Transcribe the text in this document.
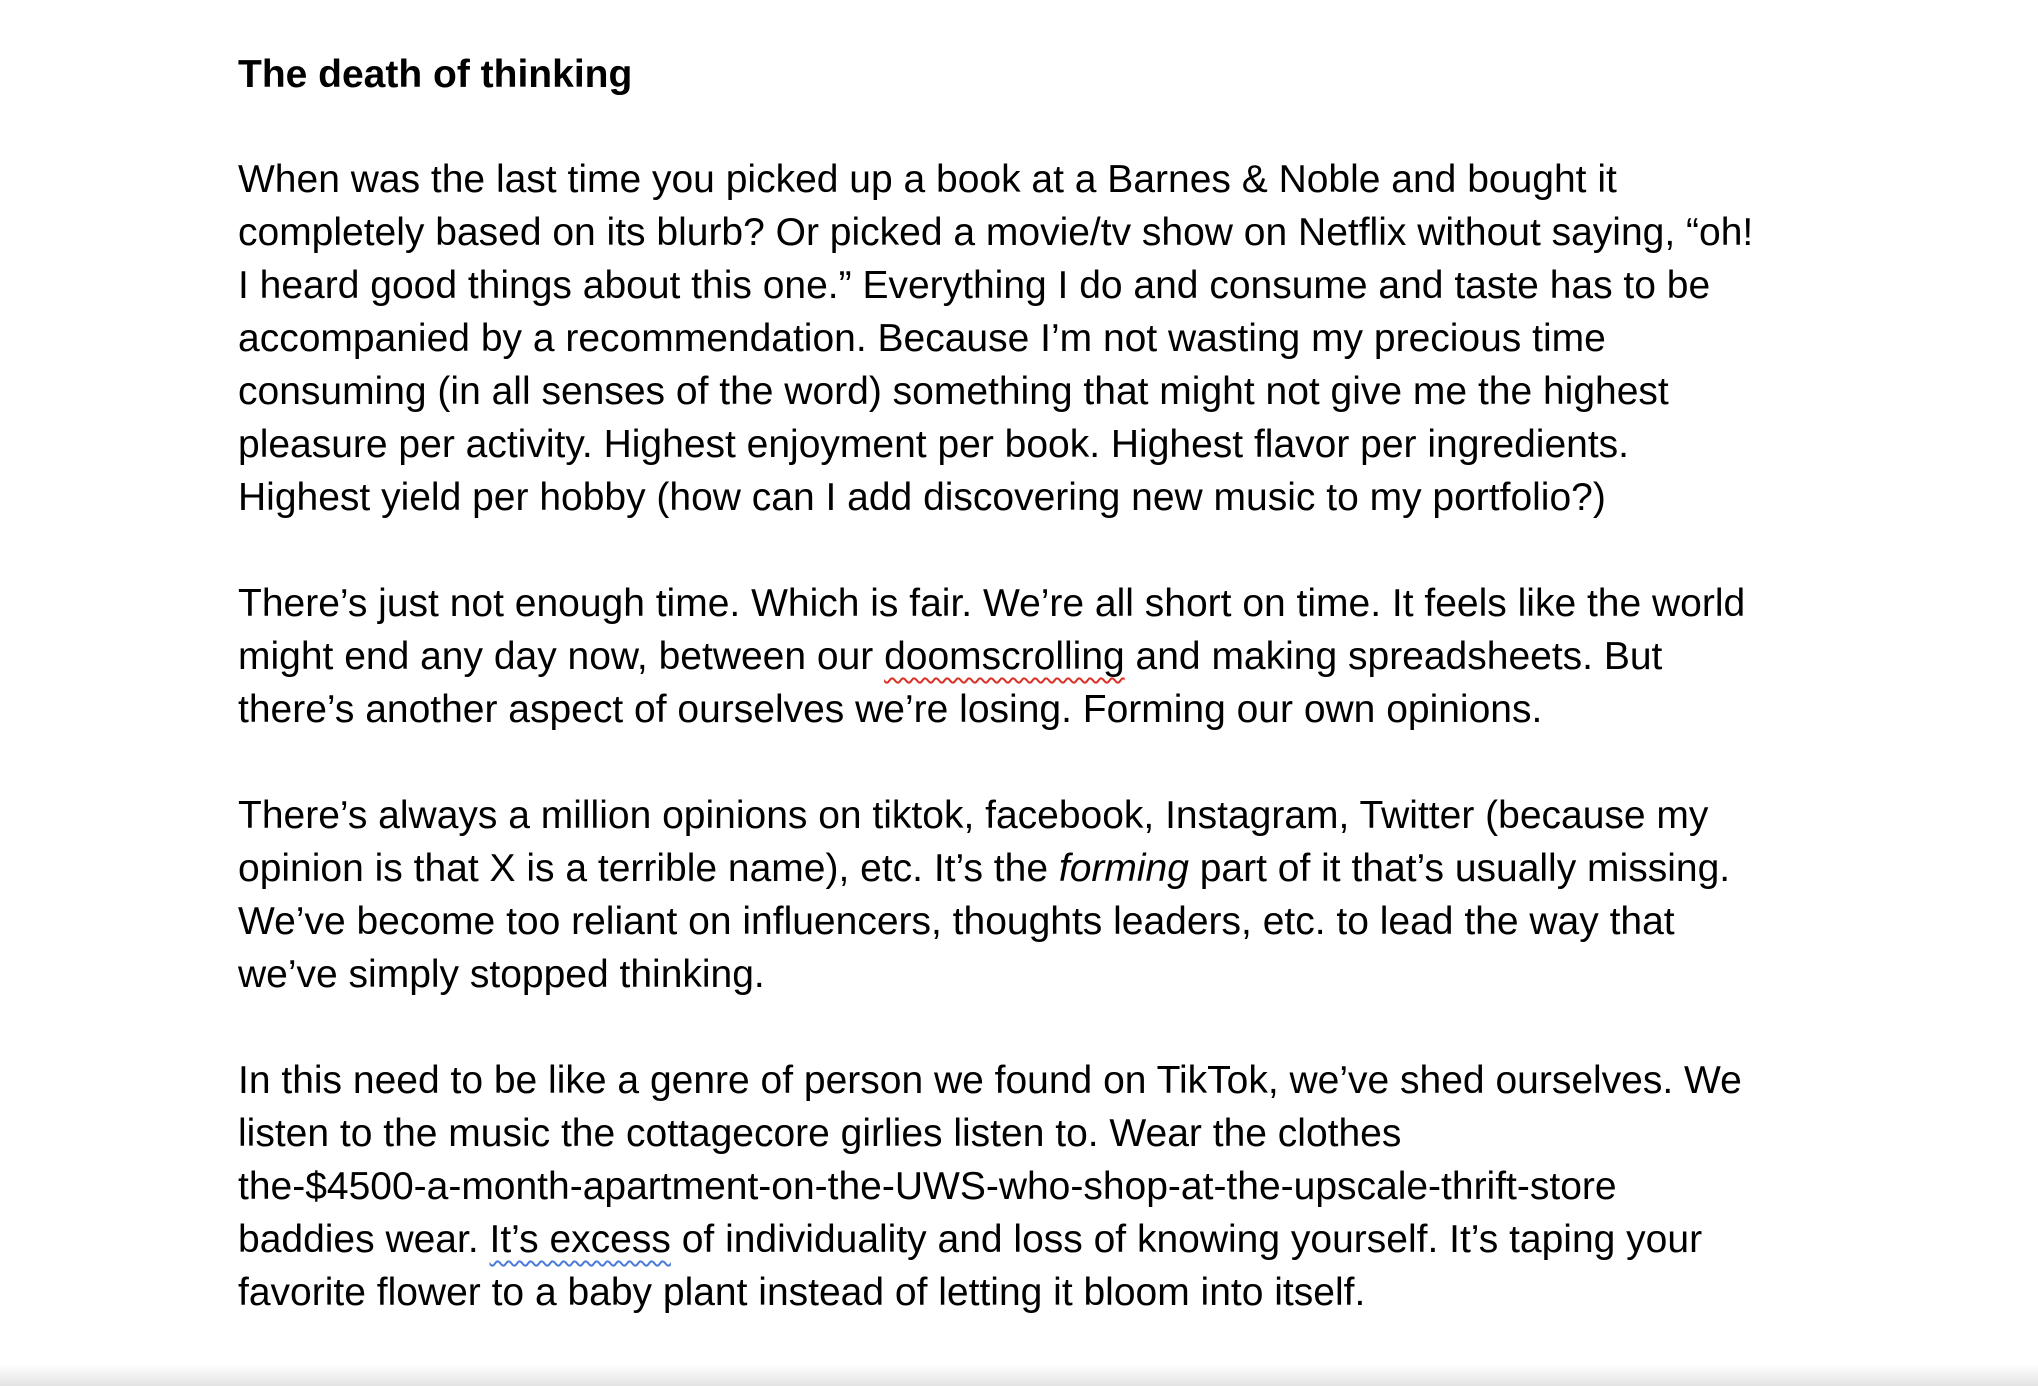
The death of thinking
When was the last time you picked up a book at a Barnes & Noble and bought it
completely based on its blurb? Or picked a movie/tv show on Netflix without saying, “oh!
I heard good things about this one.” Everything I do and consume and taste has to be
accompanied by a recommendation. Because I’m not wasting my precious time
consuming (in all senses of the word) something that might not give me the highest
pleasure per activity. Highest enjoyment per book. Highest flavor per ingredients.
Highest yield per hobby (how can I add discovering new music to my portfolio?)
There’s just not enough time. Which is fair. We’re all short on time. It feels like the world
might end any day now, between our doomscrolling and making spreadsheets. But
there’s another aspect of ourselves we’re losing. Forming our own opinions.
There’s always a million opinions on tiktok, facebook, Instagram, Twitter (because my
opinion is that X is a terrible name), etc. It’s the forming part of it that’s usually missing.
We’ve become too reliant on influencers, thoughts leaders, etc. to lead the way that
we’ve simply stopped thinking.
In this need to be like a genre of person we found on TikTok, we’ve shed ourselves. We
listen to the music the cottagecore girlies listen to. Wear the clothes
the-$4500-a-month-apartment-on-the-UWS-who-shop-at-the-upscale-thrift-store
baddies wear. It’s excess of individuality and loss of knowing yourself. It’s taping your
favorite flower to a baby plant instead of letting it bloom into itself.
